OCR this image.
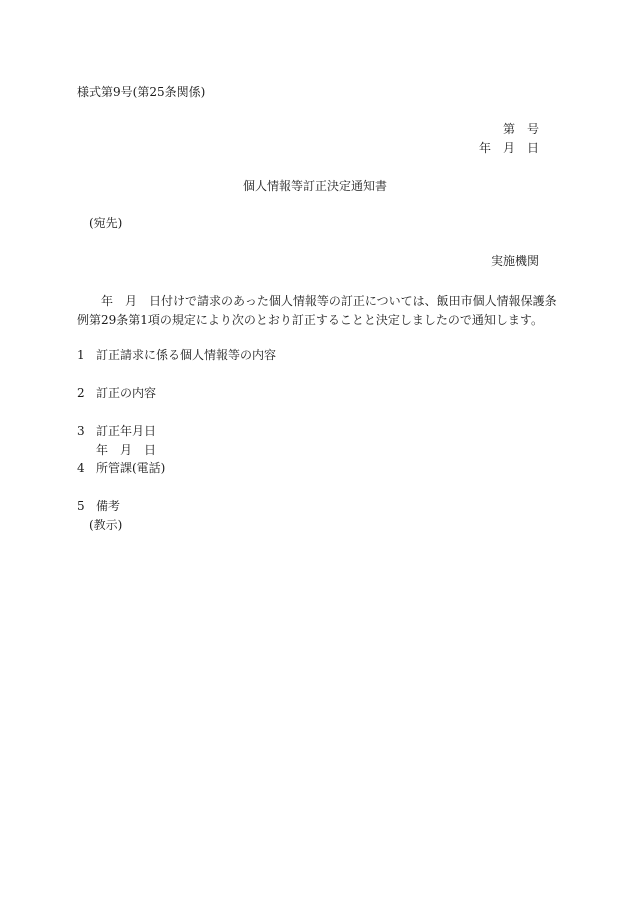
様式第9号(第25条関係)
第　号
年　月　日
個人情報等訂正決定通知書
(宛先)
実施機関
　　年　月　日付けで請求のあった個人情報等の訂正については、飯田市個人情報保護条
例第29条第1項の規定により次のとおり訂正することと決定しましたので通知します。
1 訂正請求に係る個人情報等の内容
2 訂正の内容
3 訂正年月日
年　月　日
4 所管課(電話)
5 備考
(教示)
